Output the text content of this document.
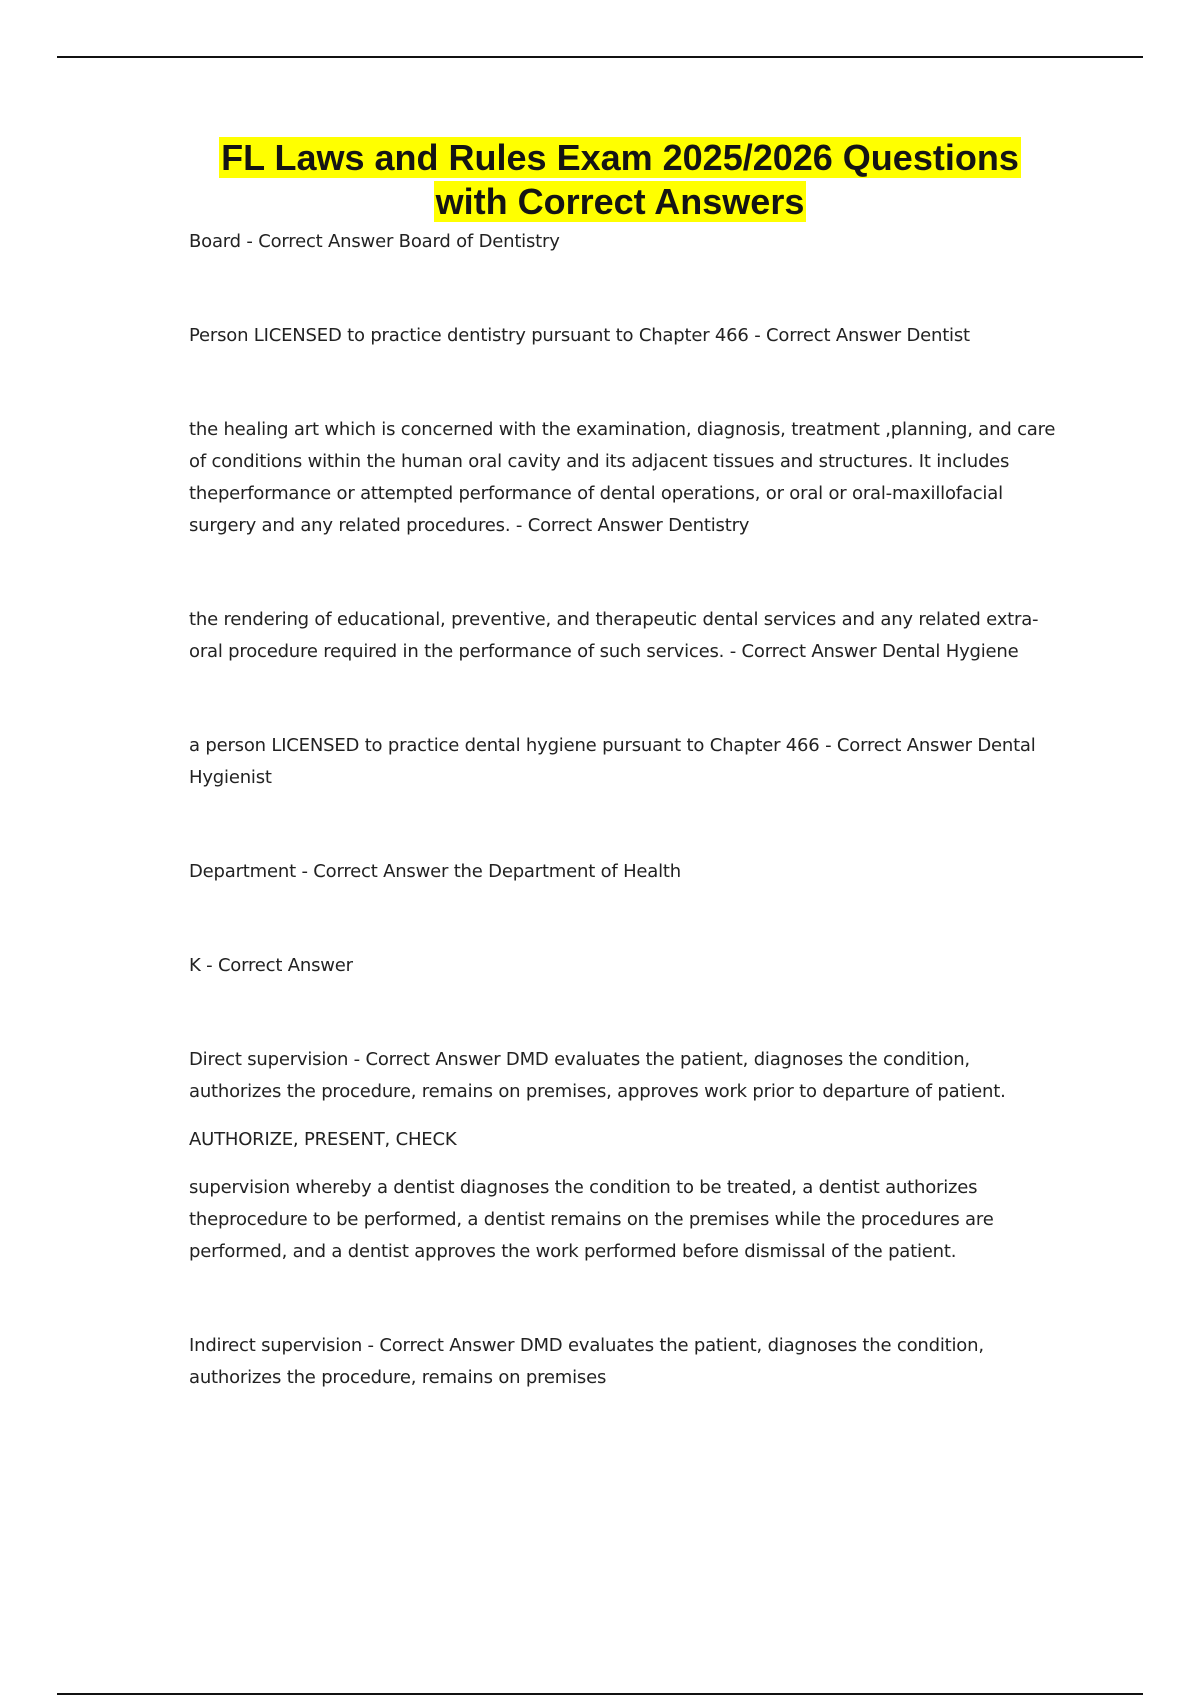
FL Laws and Rules Exam 2025/2026 Questions with Correct Answers

Board - Correct Answer Board of Dentistry

Person LICENSED to practice dentistry pursuant to Chapter 466 - Correct Answer Dentist

the healing art which is concerned with the examination, diagnosis, treatment ,planning, and care of conditions within the human oral cavity and its adjacent tissues and structures. It includes theperformance or attempted performance of dental operations, or oral or oral-maxillofacial surgery and any related procedures. - Correct Answer Dentistry

the rendering of educational, preventive, and therapeutic dental services and any related extra-oral procedure required in the performance of such services. - Correct Answer Dental Hygiene

a person LICENSED to practice dental hygiene pursuant to Chapter 466 - Correct Answer Dental Hygienist

Department - Correct Answer the Department of Health

K - Correct Answer

Direct supervision - Correct Answer DMD evaluates the patient, diagnoses the condition, authorizes the procedure, remains on premises, approves work prior to departure of patient.

AUTHORIZE, PRESENT, CHECK

supervision whereby a dentist diagnoses the condition to be treated, a dentist authorizes theprocedure to be performed, a dentist remains on the premises while the procedures are performed, and a dentist approves the work performed before dismissal of the patient.

Indirect supervision - Correct Answer DMD evaluates the patient, diagnoses the condition, authorizes the procedure, remains on premises
